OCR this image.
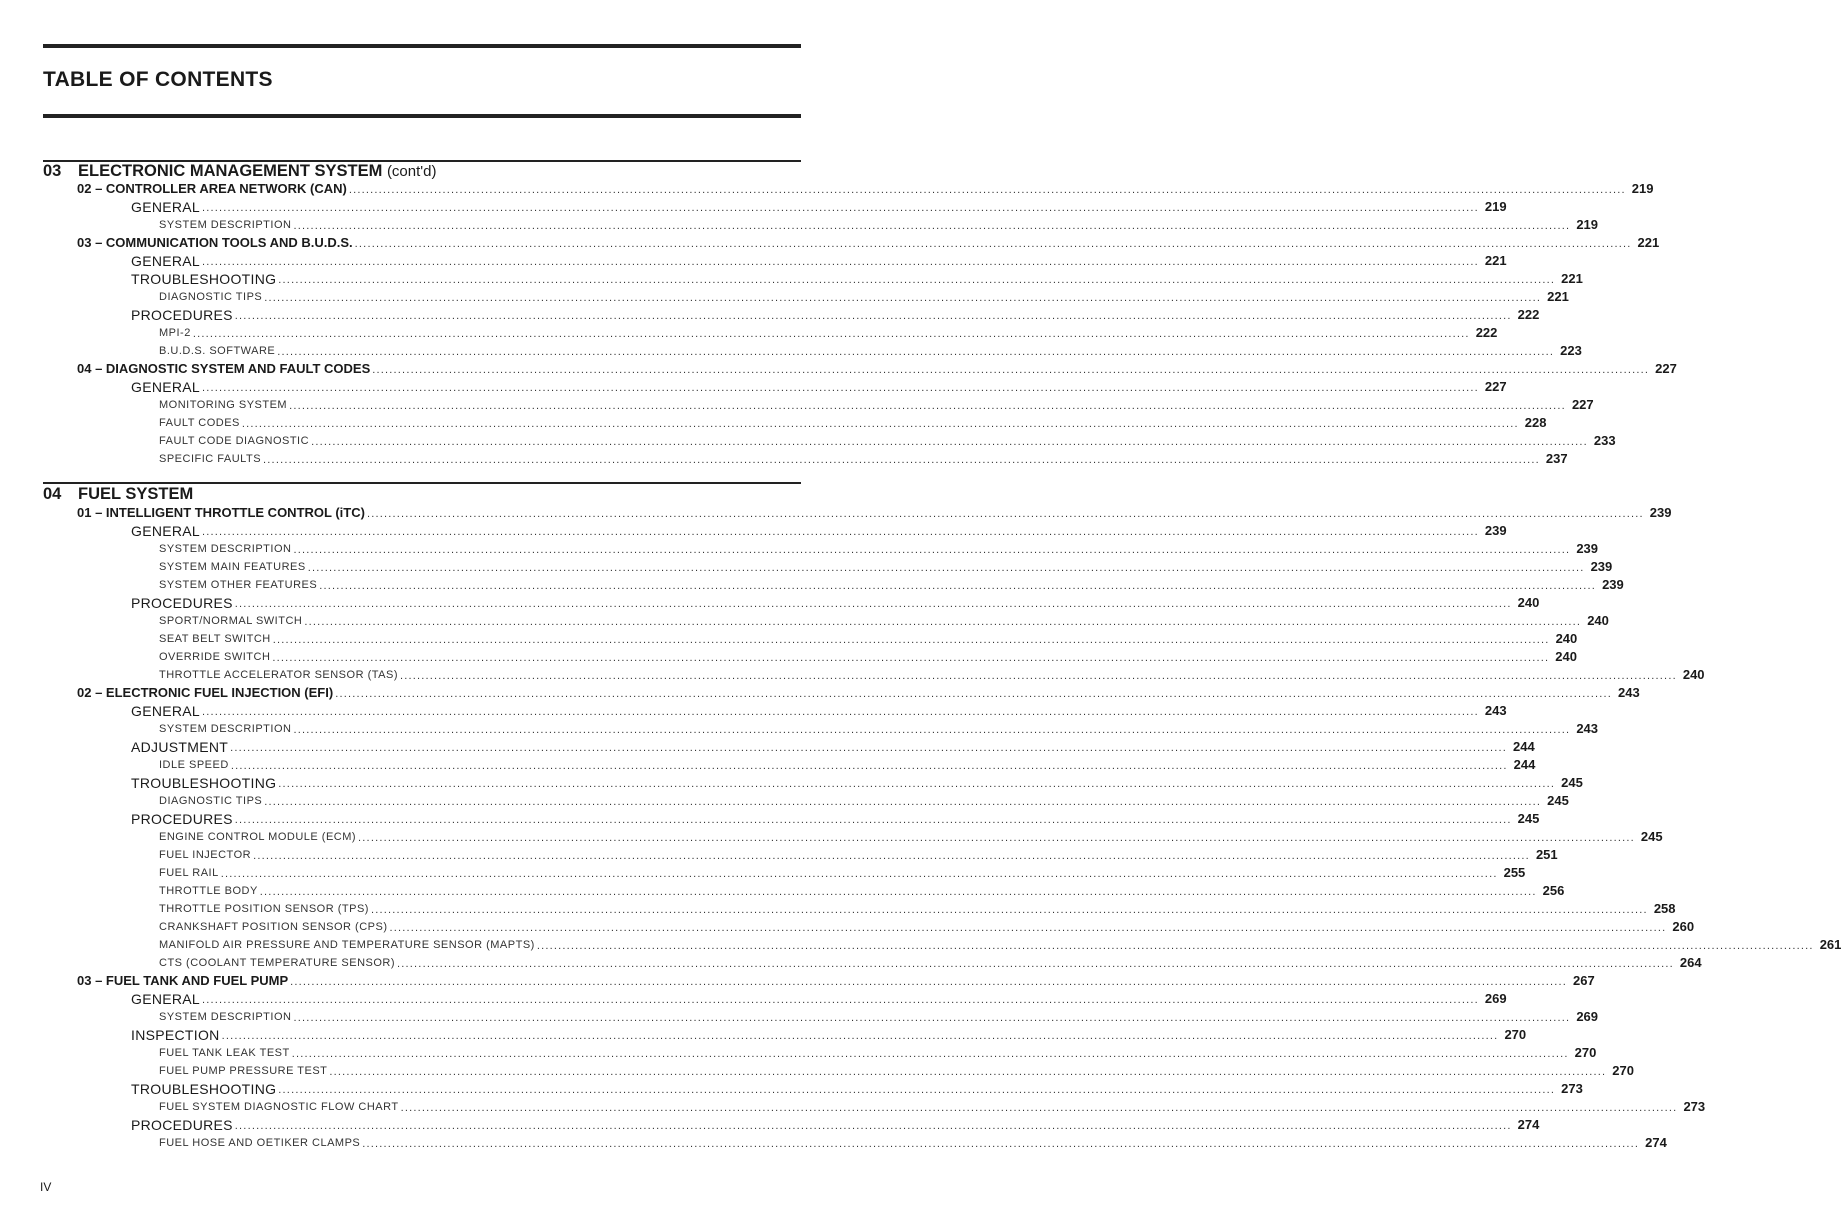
TABLE OF CONTENTS
03 ELECTRONIC MANAGEMENT SYSTEM (cont'd)
02 – CONTROLLER AREA NETWORK (CAN) ............................................................................................................................................................................................................................................................................................................ 219
GENERAL ............................................................................................................................................................................................................................................................................................................ 219
SYSTEM DESCRIPTION ............................................................................................................................................................................................................................................................................................................ 219
03 – COMMUNICATION TOOLS AND B.U.D.S. ............................................................................................................................................................................................................................................................................................................ 221
GENERAL ............................................................................................................................................................................................................................................................................................................ 221
TROUBLESHOOTING ............................................................................................................................................................................................................................................................................................................ 221
DIAGNOSTIC TIPS ............................................................................................................................................................................................................................................................................................................ 221
PROCEDURES ............................................................................................................................................................................................................................................................................................................ 222
MPI-2 ............................................................................................................................................................................................................................................................................................................ 222
B.U.D.S. SOFTWARE ............................................................................................................................................................................................................................................................................................................ 223
04 – DIAGNOSTIC SYSTEM AND FAULT CODES ............................................................................................................................................................................................................................................................................................................ 227
GENERAL ............................................................................................................................................................................................................................................................................................................ 227
MONITORING SYSTEM ............................................................................................................................................................................................................................................................................................................ 227
FAULT CODES ............................................................................................................................................................................................................................................................................................................ 228
FAULT CODE DIAGNOSTIC ............................................................................................................................................................................................................................................................................................................ 233
SPECIFIC FAULTS ............................................................................................................................................................................................................................................................................................................ 237
04 FUEL SYSTEM
01 – INTELLIGENT THROTTLE CONTROL (iTC) ............................................................................................................................................................................................................................................................................................................ 239
GENERAL ............................................................................................................................................................................................................................................................................................................ 239
SYSTEM DESCRIPTION ............................................................................................................................................................................................................................................................................................................ 239
SYSTEM MAIN FEATURES ............................................................................................................................................................................................................................................................................................................ 239
SYSTEM OTHER FEATURES ............................................................................................................................................................................................................................................................................................................ 239
PROCEDURES ............................................................................................................................................................................................................................................................................................................ 240
SPORT/NORMAL SWITCH ............................................................................................................................................................................................................................................................................................................ 240
SEAT BELT SWITCH ............................................................................................................................................................................................................................................................................................................ 240
OVERRIDE SWITCH ............................................................................................................................................................................................................................................................................................................ 240
THROTTLE ACCELERATOR SENSOR (TAS) ............................................................................................................................................................................................................................................................................................................ 240
02 – ELECTRONIC FUEL INJECTION (EFI) ............................................................................................................................................................................................................................................................................................................ 243
GENERAL ............................................................................................................................................................................................................................................................................................................ 243
SYSTEM DESCRIPTION ............................................................................................................................................................................................................................................................................................................ 243
ADJUSTMENT ............................................................................................................................................................................................................................................................................................................ 244
IDLE SPEED ............................................................................................................................................................................................................................................................................................................ 244
TROUBLESHOOTING ............................................................................................................................................................................................................................................................................................................ 245
DIAGNOSTIC TIPS ............................................................................................................................................................................................................................................................................................................ 245
PROCEDURES ............................................................................................................................................................................................................................................................................................................ 245
ENGINE CONTROL MODULE (ECM) ............................................................................................................................................................................................................................................................................................................ 245
FUEL INJECTOR ............................................................................................................................................................................................................................................................................................................ 251
FUEL RAIL ............................................................................................................................................................................................................................................................................................................ 255
THROTTLE BODY ............................................................................................................................................................................................................................................................................................................ 256
THROTTLE POSITION SENSOR (TPS) ............................................................................................................................................................................................................................................................................................................ 258
CRANKSHAFT POSITION SENSOR (CPS) ............................................................................................................................................................................................................................................................................................................ 260
MANIFOLD AIR PRESSURE AND TEMPERATURE SENSOR (MAPTS) ............................................................................................................................................................................................................................................................................................................ 261
CTS (COOLANT TEMPERATURE SENSOR) ............................................................................................................................................................................................................................................................................................................ 264
03 – FUEL TANK AND FUEL PUMP ............................................................................................................................................................................................................................................................................................................ 267
GENERAL ............................................................................................................................................................................................................................................................................................................ 269
SYSTEM DESCRIPTION ............................................................................................................................................................................................................................................................................................................ 269
INSPECTION ............................................................................................................................................................................................................................................................................................................ 270
FUEL TANK LEAK TEST ............................................................................................................................................................................................................................................................................................................ 270
FUEL PUMP PRESSURE TEST ............................................................................................................................................................................................................................................................................................................ 270
TROUBLESHOOTING ............................................................................................................................................................................................................................................................................................................ 273
FUEL SYSTEM DIAGNOSTIC FLOW CHART ............................................................................................................................................................................................................................................................................................................ 273
PROCEDURES ............................................................................................................................................................................................................................................................................................................ 274
FUEL HOSE AND OETIKER CLAMPS ............................................................................................................................................................................................................................................................................................................ 274
IV
